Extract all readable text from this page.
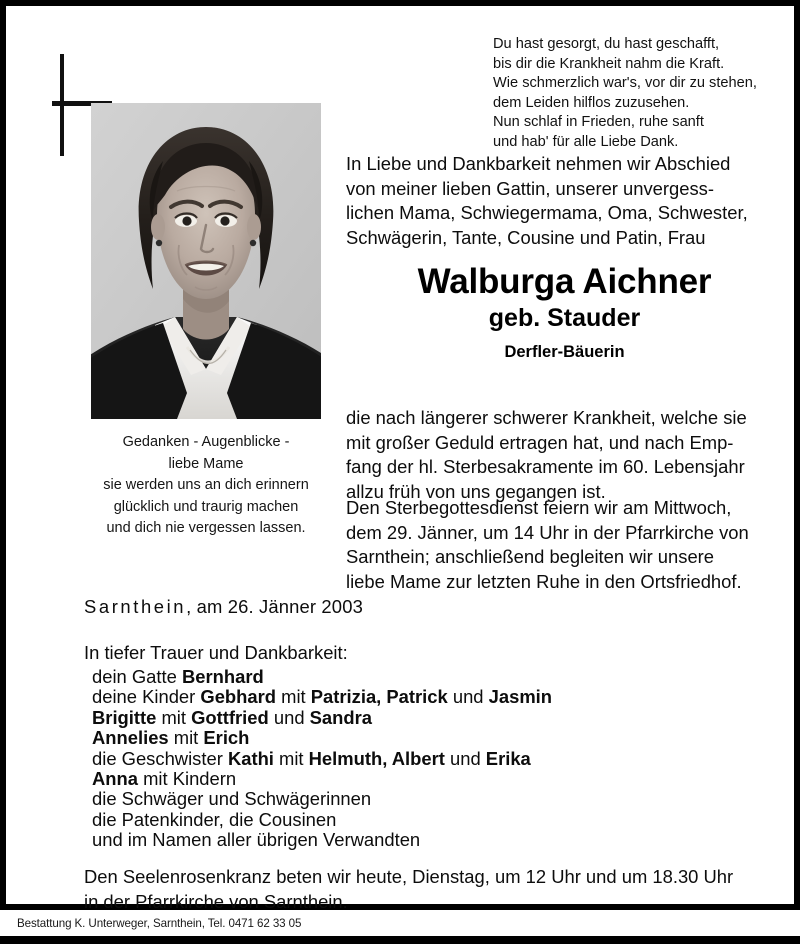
Gedanken - Augenblicke -
liebe Mame
sie werden uns an dich erinnern
glücklich und traurig machen
und dich nie vergessen lassen.
Du hast gesorgt, du hast geschafft,
bis dir die Krankheit nahm die Kraft.
Wie schmerzlich war's, vor dir zu stehen,
dem Leiden hilflos zuzusehen.
Nun schlaf in Frieden, ruhe sanft
und hab' für alle Liebe Dank.
In Liebe und Dankbarkeit nehmen wir Abschied
von meiner lieben Gattin, unserer unvergess-
lichen Mama, Schwiegermama, Oma, Schwester,
Schwägerin, Tante, Cousine und Patin, Frau
Walburga Aichner
geb. Stauder
Derfler-Bäuerin
die nach längerer schwerer Krankheit, welche sie
mit großer Geduld ertragen hat, und nach Emp-
fang der hl. Sterbesakramente im 60. Lebensjahr
allzu früh von uns gegangen ist.
Den Sterbegottesdienst feiern wir am Mittwoch,
dem 29. Jänner, um 14 Uhr in der Pfarrkirche von
Sarnthein; anschließend begleiten wir unsere
liebe Mame zur letzten Ruhe in den Ortsfriedhof.
Sarnthein, am 26. Jänner 2003
In tiefer Trauer und Dankbarkeit:
dein Gatte Bernhard
deine Kinder Gebhard mit Patrizia, Patrick und Jasmin
Brigitte mit Gottfried und Sandra
Annelies mit Erich
die Geschwister Kathi mit Helmuth, Albert und Erika
Anna mit Kindern
die Schwäger und Schwägerinnen
die Patenkinder, die Cousinen
und im Namen aller übrigen Verwandten
Den Seelenrosenkranz beten wir heute, Dienstag, um 12 Uhr und um 18.30 Uhr
in der Pfarrkirche von Sarnthein.
Bestattung K. Unterweger, Sarnthein, Tel. 0471 62 33 05
